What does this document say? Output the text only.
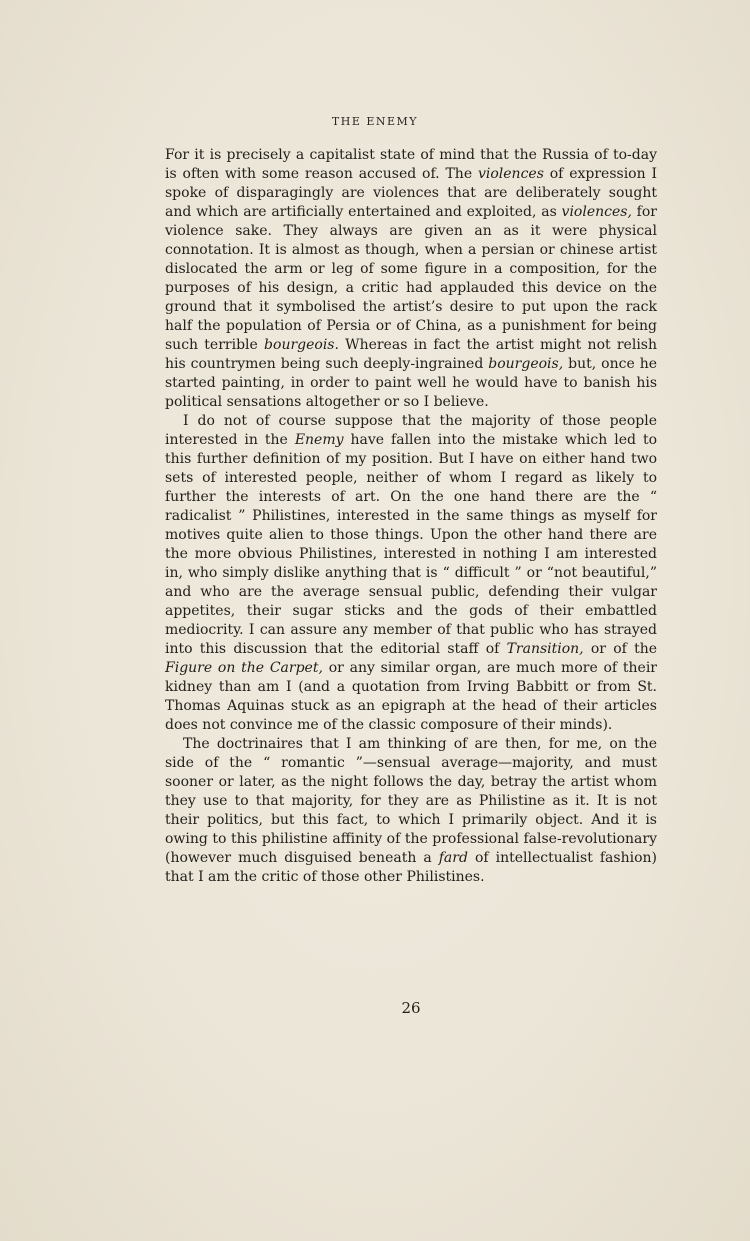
THE ENEMY

For it is precisely a capitalist state of mind that the Russia of to-day is often with some reason accused of. The violences of expression I spoke of disparagingly are violences that are deliberately sought and which are artificially entertained and exploited, as violences, for violence sake. They always are given an as it were physical connotation. It is almost as though, when a persian or chinese artist dislocated the arm or leg of some figure in a composition, for the purposes of his design, a critic had applauded this device on the ground that it symbolised the artist’s desire to put upon the rack half the population of Persia or of China, as a punishment for being such terrible bourgeois. Whereas in fact the artist might not relish his countrymen being such deeply-ingrained bourgeois, but, once he started painting, in order to paint well he would have to banish his political sensations altogether or so I believe.

I do not of course suppose that the majority of those people interested in the Enemy have fallen into the mistake which led to this further definition of my position. But I have on either hand two sets of interested people, neither of whom I regard as likely to further the interests of art. On the one hand there are the “ radicalist ” Philistines, interested in the same things as myself for motives quite alien to those things. Upon the other hand there are the more obvious Philistines, interested in nothing I am interested in, who simply dislike anything that is “ difficult ” or “not beautiful,” and who are the average sensual public, defending their vulgar appetites, their sugar sticks and the gods of their embattled mediocrity. I can assure any member of that public who has strayed into this discussion that the editorial staff of Transition, or of the Figure on the Carpet, or any similar organ, are much more of their kidney than am I (and a quotation from Irving Babbitt or from St. Thomas Aquinas stuck as an epigraph at the head of their articles does not convince me of the classic composure of their minds).

The doctrinaires that I am thinking of are then, for me, on the side of the “ romantic ”—sensual average—majority, and must sooner or later, as the night follows the day, betray the artist whom they use to that majority, for they are as Philistine as it. It is not their politics, but this fact, to which I primarily object. And it is owing to this philistine affinity of the professional false-revolutionary (however much disguised beneath a fard of intellectualist fashion) that I am the critic of those other Philistines.

26
